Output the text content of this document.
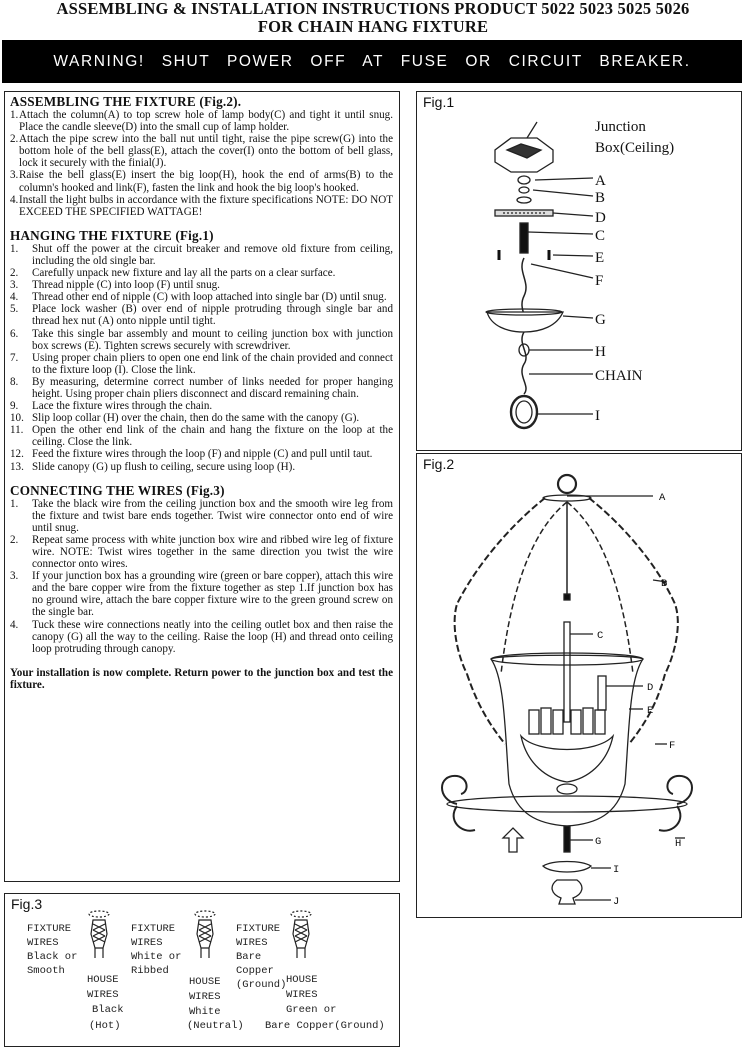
ASSEMBLING & INSTALLATION INSTRUCTIONS PRODUCT 5022 5023 5025 5026
FOR CHAIN HANG FIXTURE
WARNING! SHUT POWER OFF AT FUSE OR CIRCUIT BREAKER.
ASSEMBLING THE FIXTURE (Fig.2).
1. Attach the column(A) to top screw hole of lamp body(C) and tight it until snug. Place the candle sleeve(D) into the small cup of lamp holder.
2. Attach the pipe screw into the ball nut until tight, raise the pipe screw(G) into the bottom hole of the bell glass(E), attach the cover(I) onto the bottom of bell glass, lock it securely with the finial(J).
3. Raise the bell glass(E) insert the big loop(H), hook the end of arms(B) to the column's hooked and link(F), fasten the link and hook the big loop's hooked.
4. Install the light bulbs in accordance with the fixture specifications NOTE: DO NOT EXCEED THE SPECIFIED WATTAGE!
HANGING THE FIXTURE (Fig.1)
1. Shut off the power at the circuit breaker and remove old fixture from ceiling, including the old single bar.
2. Carefully unpack new fixture and lay all the parts on a clear surface.
3. Thread nipple (C) into loop (F) until snug.
4. Thread other end of nipple (C) with loop attached into single bar (D) until snug.
5. Place lock washer (B) over end of nipple protruding through single bar and thread hex nut (A) onto nipple until tight.
6. Take this single bar assembly and mount to ceiling junction box with junction box screws (E). Tighten screws securely with screwdriver.
7. Using proper chain pliers to open one end link of the chain provided and connect to the fixture loop (I). Close the link.
8. By measuring, determine correct number of links needed for proper hanging height. Using proper chain pliers disconnect and discard remaining chain.
9. Lace the fixture wires through the chain.
10. Slip loop collar (H) over the chain, then do the same with the canopy (G).
11. Open the other end link of the chain and hang the fixture on the loop at the ceiling. Close the link.
12. Feed the fixture wires through the loop (F) and nipple (C) and pull until taut.
13. Slide canopy (G) up flush to ceiling, secure using loop (H).
CONNECTING THE WIRES (Fig.3)
1. Take the black wire from the ceiling junction box and the smooth wire leg from the fixture and twist bare ends together. Twist wire connector onto end of wire until snug.
2. Repeat same process with white junction box wire and ribbed wire leg of fixture wire. NOTE: Twist wires together in the same direction you twist the wire connector onto wires.
3. If your junction box has a grounding wire (green or bare copper), attach this wire and the bare copper wire from the fixture together as step 1.If junction box has no ground wire, attach the bare copper fixture wire to the green ground screw on the single bar.
4. Tuck these wire connections neatly into the ceiling outlet box and then raise the canopy (G) all the way to the ceiling. Raise the loop (H) and thread onto ceiling loop protruding through canopy.
Your installation is now complete. Return power to the junction box and test the fixture.
Fig.1
Junction
Box(Ceiling)
A
B
D
C
E
F
G
H
CHAIN
I
Fig.2
A
B
C
D
E
F
G	H
I
J
Fig.3
FIXTURE
WIRES
Black or
Smooth
HOUSE
WIRES
Black
(Hot)
FIXTURE
WIRES
White or
Ribbed
HOUSE
WIRES
White
(Neutral)
FIXTURE
WIRES
Bare
Copper
(Ground) HOUSE
WIRES
Green or
Bare Copper(Ground)
